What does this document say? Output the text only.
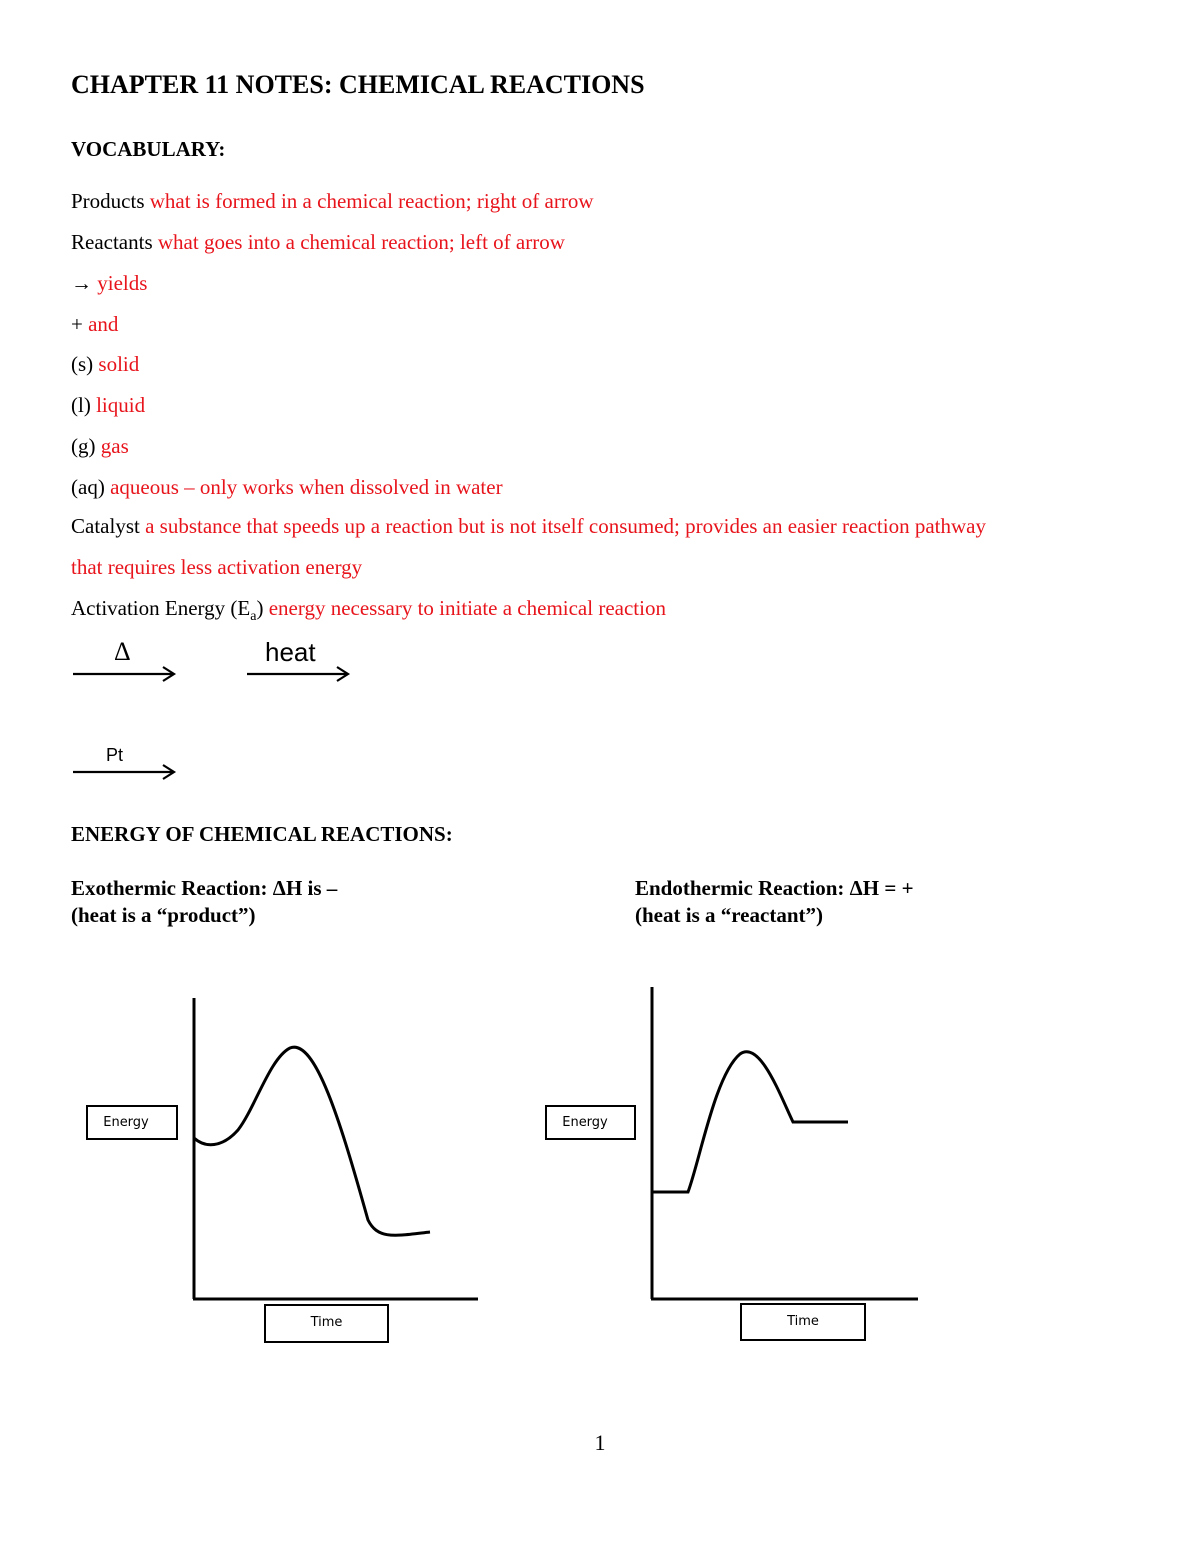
CHAPTER 11 NOTES: CHEMICAL REACTIONS
VOCABULARY:
Products what is formed in a chemical reaction; right of arrow
Reactants what goes into a chemical reaction; left of arrow
→ yields
+ and
(s) solid
(l) liquid
(g) gas
(aq) aqueous – only works when dissolved in water
Catalyst a substance that speeds up a reaction but is not itself consumed; provides an easier reaction pathway
that requires less activation energy
Activation Energy $(E_a)$ energy necessary to initiate a chemical reaction
Δ	heat
Pt
ENERGY OF CHEMICAL REACTIONS:
Exothermic Reaction: ΔH is –
(heat is a “product”)
Endothermic Reaction: ΔH = +
(heat is a “reactant”)
Energy
Time
Energy
Time
1
